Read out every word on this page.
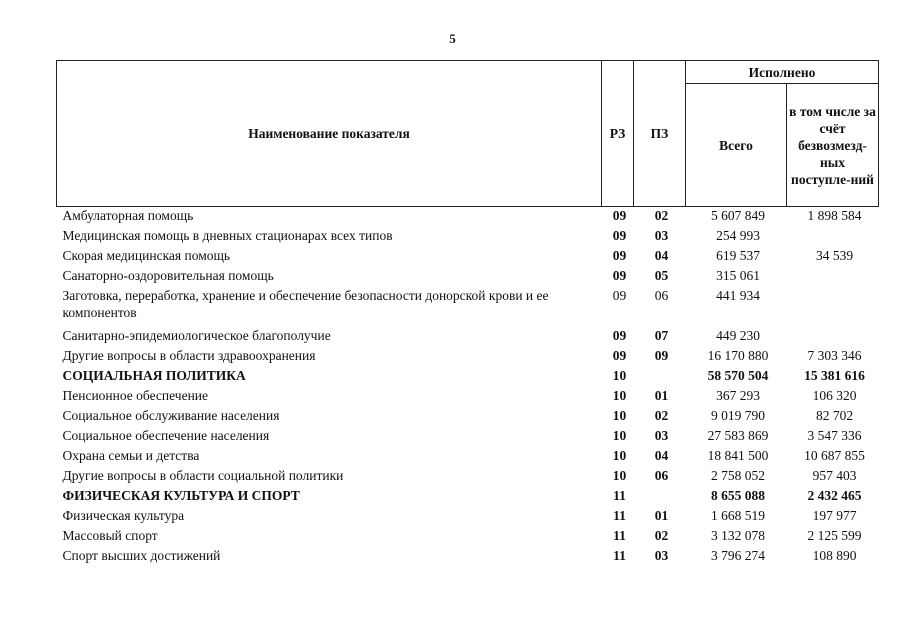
5
Наименование показателя	РЗ	ПЗ	Исполнено	
			Всего	в том числе за счёт безвозмезд-ных поступле-ний
Амбулаторная помощь	09	02	5 607 849	1 898 584
Медицинская помощь в дневных стационарах всех типов	09	03	254 993	
Скорая медицинская помощь	09	04	619 537	34 539
Санаторно-оздоровительная помощь	09	05	315 061	
Заготовка, переработка, хранение и обеспечение безопасности донорской крови и ее компонентов	09	06	441 934	
Санитарно-эпидемиологическое благополучие	09	07	449 230	
Другие вопросы в области здравоохранения	09	09	16 170 880	7 303 346
СОЦИАЛЬНАЯ ПОЛИТИКА	10		58 570 504	15 381 616
Пенсионное обеспечение	10	01	367 293	106 320
Социальное обслуживание населения	10	02	9 019 790	82 702
Социальное обеспечение населения	10	03	27 583 869	3 547 336
Охрана семьи и детства	10	04	18 841 500	10 687 855
Другие вопросы в области социальной политики	10	06	2 758 052	957 403
ФИЗИЧЕСКАЯ КУЛЬТУРА И СПОРТ	11		8 655 088	2 432 465
Физическая культура	11	01	1 668 519	197 977
Массовый спорт	11	02	3 132 078	2 125 599
Спорт высших достижений	11	03	3 796 274	108 890
